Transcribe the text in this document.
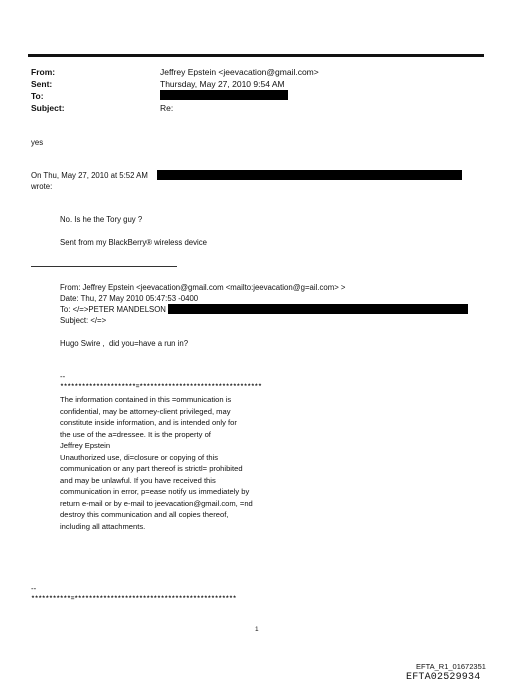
From:
Sent:
To:
Subject:
Jeffrey Epstein <jeevacation@gmail.com>
Thursday, May 27, 2010 9:54 AM
Re:
yes
On Thu, May 27, 2010 at 5:52 AM
wrote:
No. Is he the Tory guy ?
Sent from my BlackBerry® wireless device
From: Jeffrey Epstein <jeevacation@gmail.com <mailto:jeevacation@g=ail.com> >
Date: Thu, 27 May 2010 05:47:53 -0400
To: </=>PETER MANDELSON
Subject: </=>
Hugo Swire ,  did you=have a run in?
--
*********************=**********************************
The information contained in this =ommunication is
confidential, may be attorney-client privileged, may
constitute inside information, and is intended only for
the use of the a=dressee. It is the property of
Jeffrey Epstein
Unauthorized use, di=closure or copying of this
communication or any part thereof is strictl= prohibited
and may be unlawful. If you have received this
communication in error, p=ease notify us immediately by
return e-mail or by e-mail to jeevacation@gmail.com, =nd
destroy this communication and all copies thereof,
including all attachments.
--
***********=*********************************************
1
EFTA_R1_01672351
EFTA02529934
